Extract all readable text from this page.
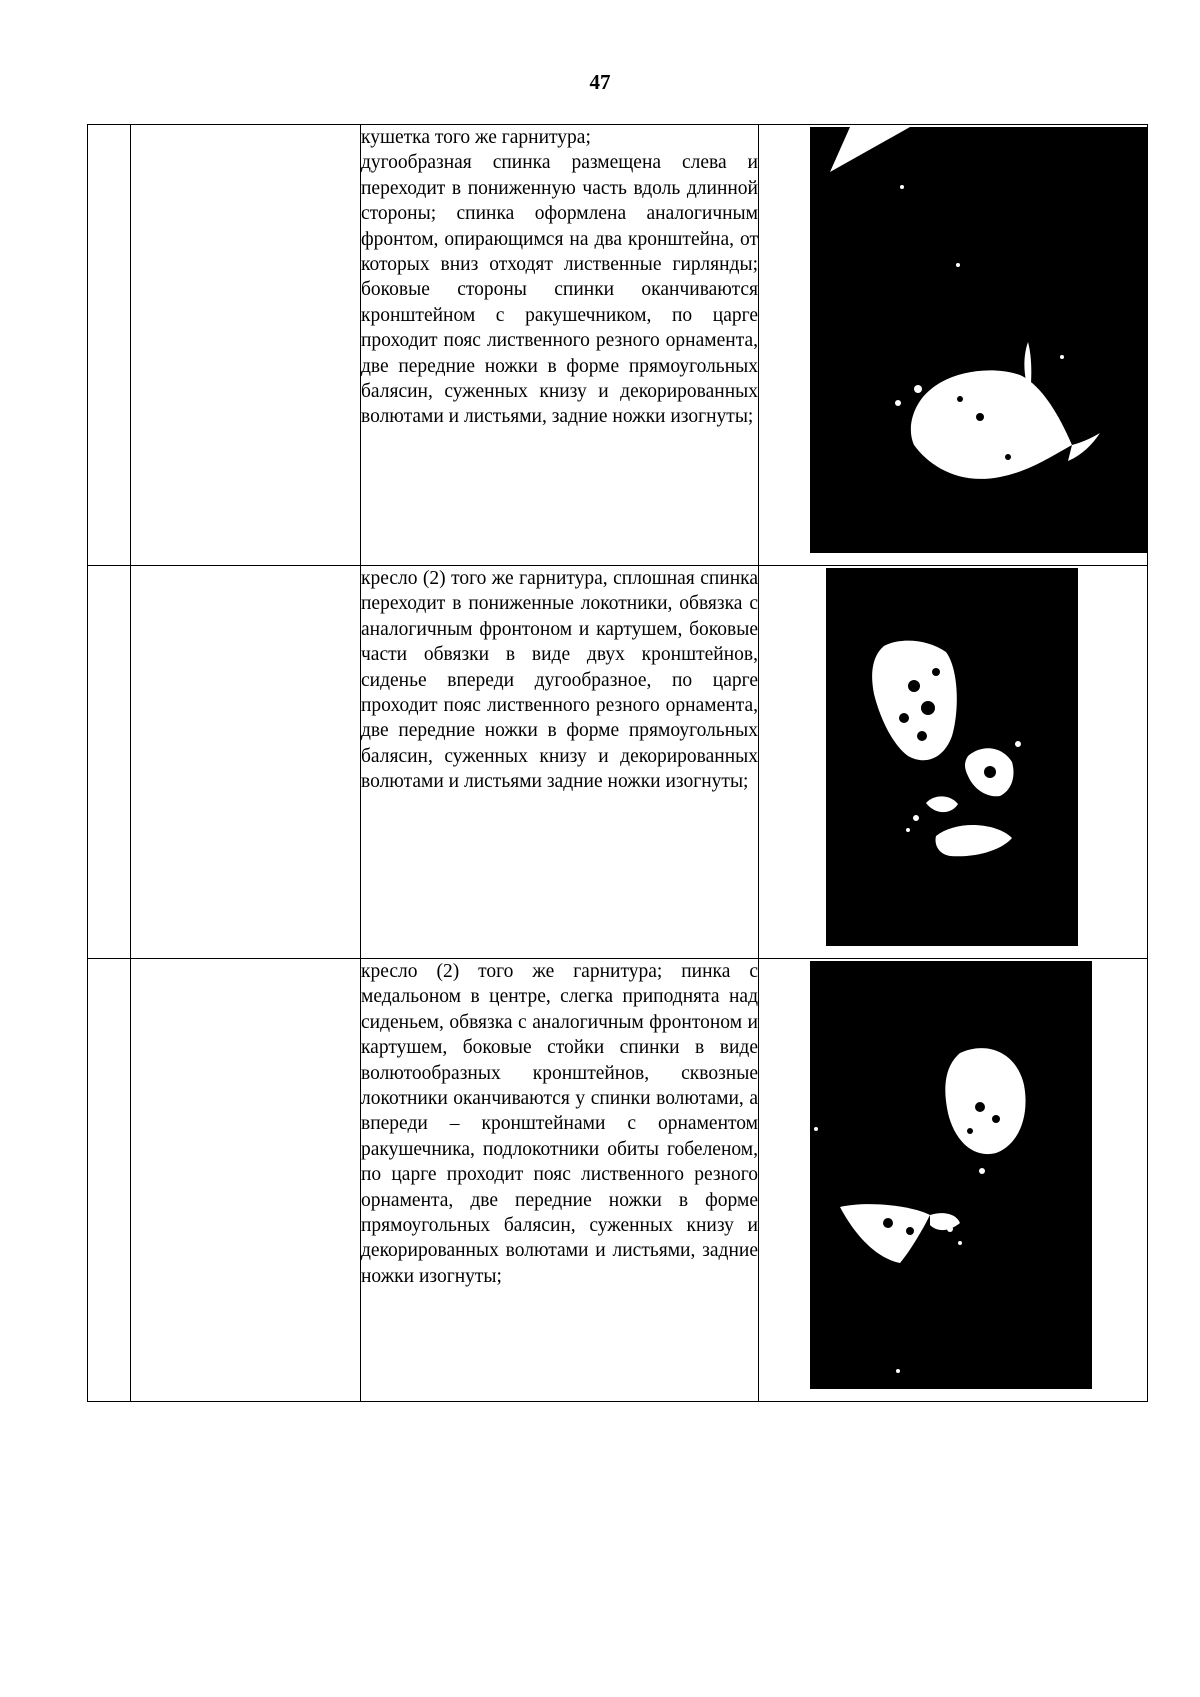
47

		кушетка того же гарнитура;

дугообразная спинка размещена слева и переходит в пониженную часть вдоль длинной стороны; спинка оформлена аналогичным фронтом, опирающимся на два кронштейна, от которых вниз отходят лиственные гирлянды; боковые стороны спинки оканчиваются кронштейном с ракушечником, по царге проходит пояс лиственного резного орнамента, две передние ножки в форме прямоугольных балясин, суженных книзу и декорированных волютами и листьями, задние ножки изогнуты;

		кресло (2) того же гарнитура, сплошная спинка переходит в пониженные локотники, обвязка с аналогичным фронтоном и картушем, боковые части обвязки в виде двух кронштейнов, сиденье впереди дугообразное, по царге проходит пояс лиственного резного орнамента, две передние ножки в форме прямоугольных балясин, суженных книзу и декорированных волютами и листьями задние ножки изогнуты;

		кресло (2) того же гарнитура; пинка с медальоном в центре, слегка приподнята над сиденьем, обвязка с аналогичным фронтоном и картушем, боковые стойки спинки в виде волютообразных кронштейнов, сквозные локотники оканчиваются у спинки волютами, а впереди – кронштейнами с орнаментом ракушечника, подлокотники обиты гобеленом, по царге проходит пояс лиственного резного орнамента, две передние ножки в форме прямоугольных балясин, суженных книзу и декорированных волютами и листьями, задние ножки изогнуты;
